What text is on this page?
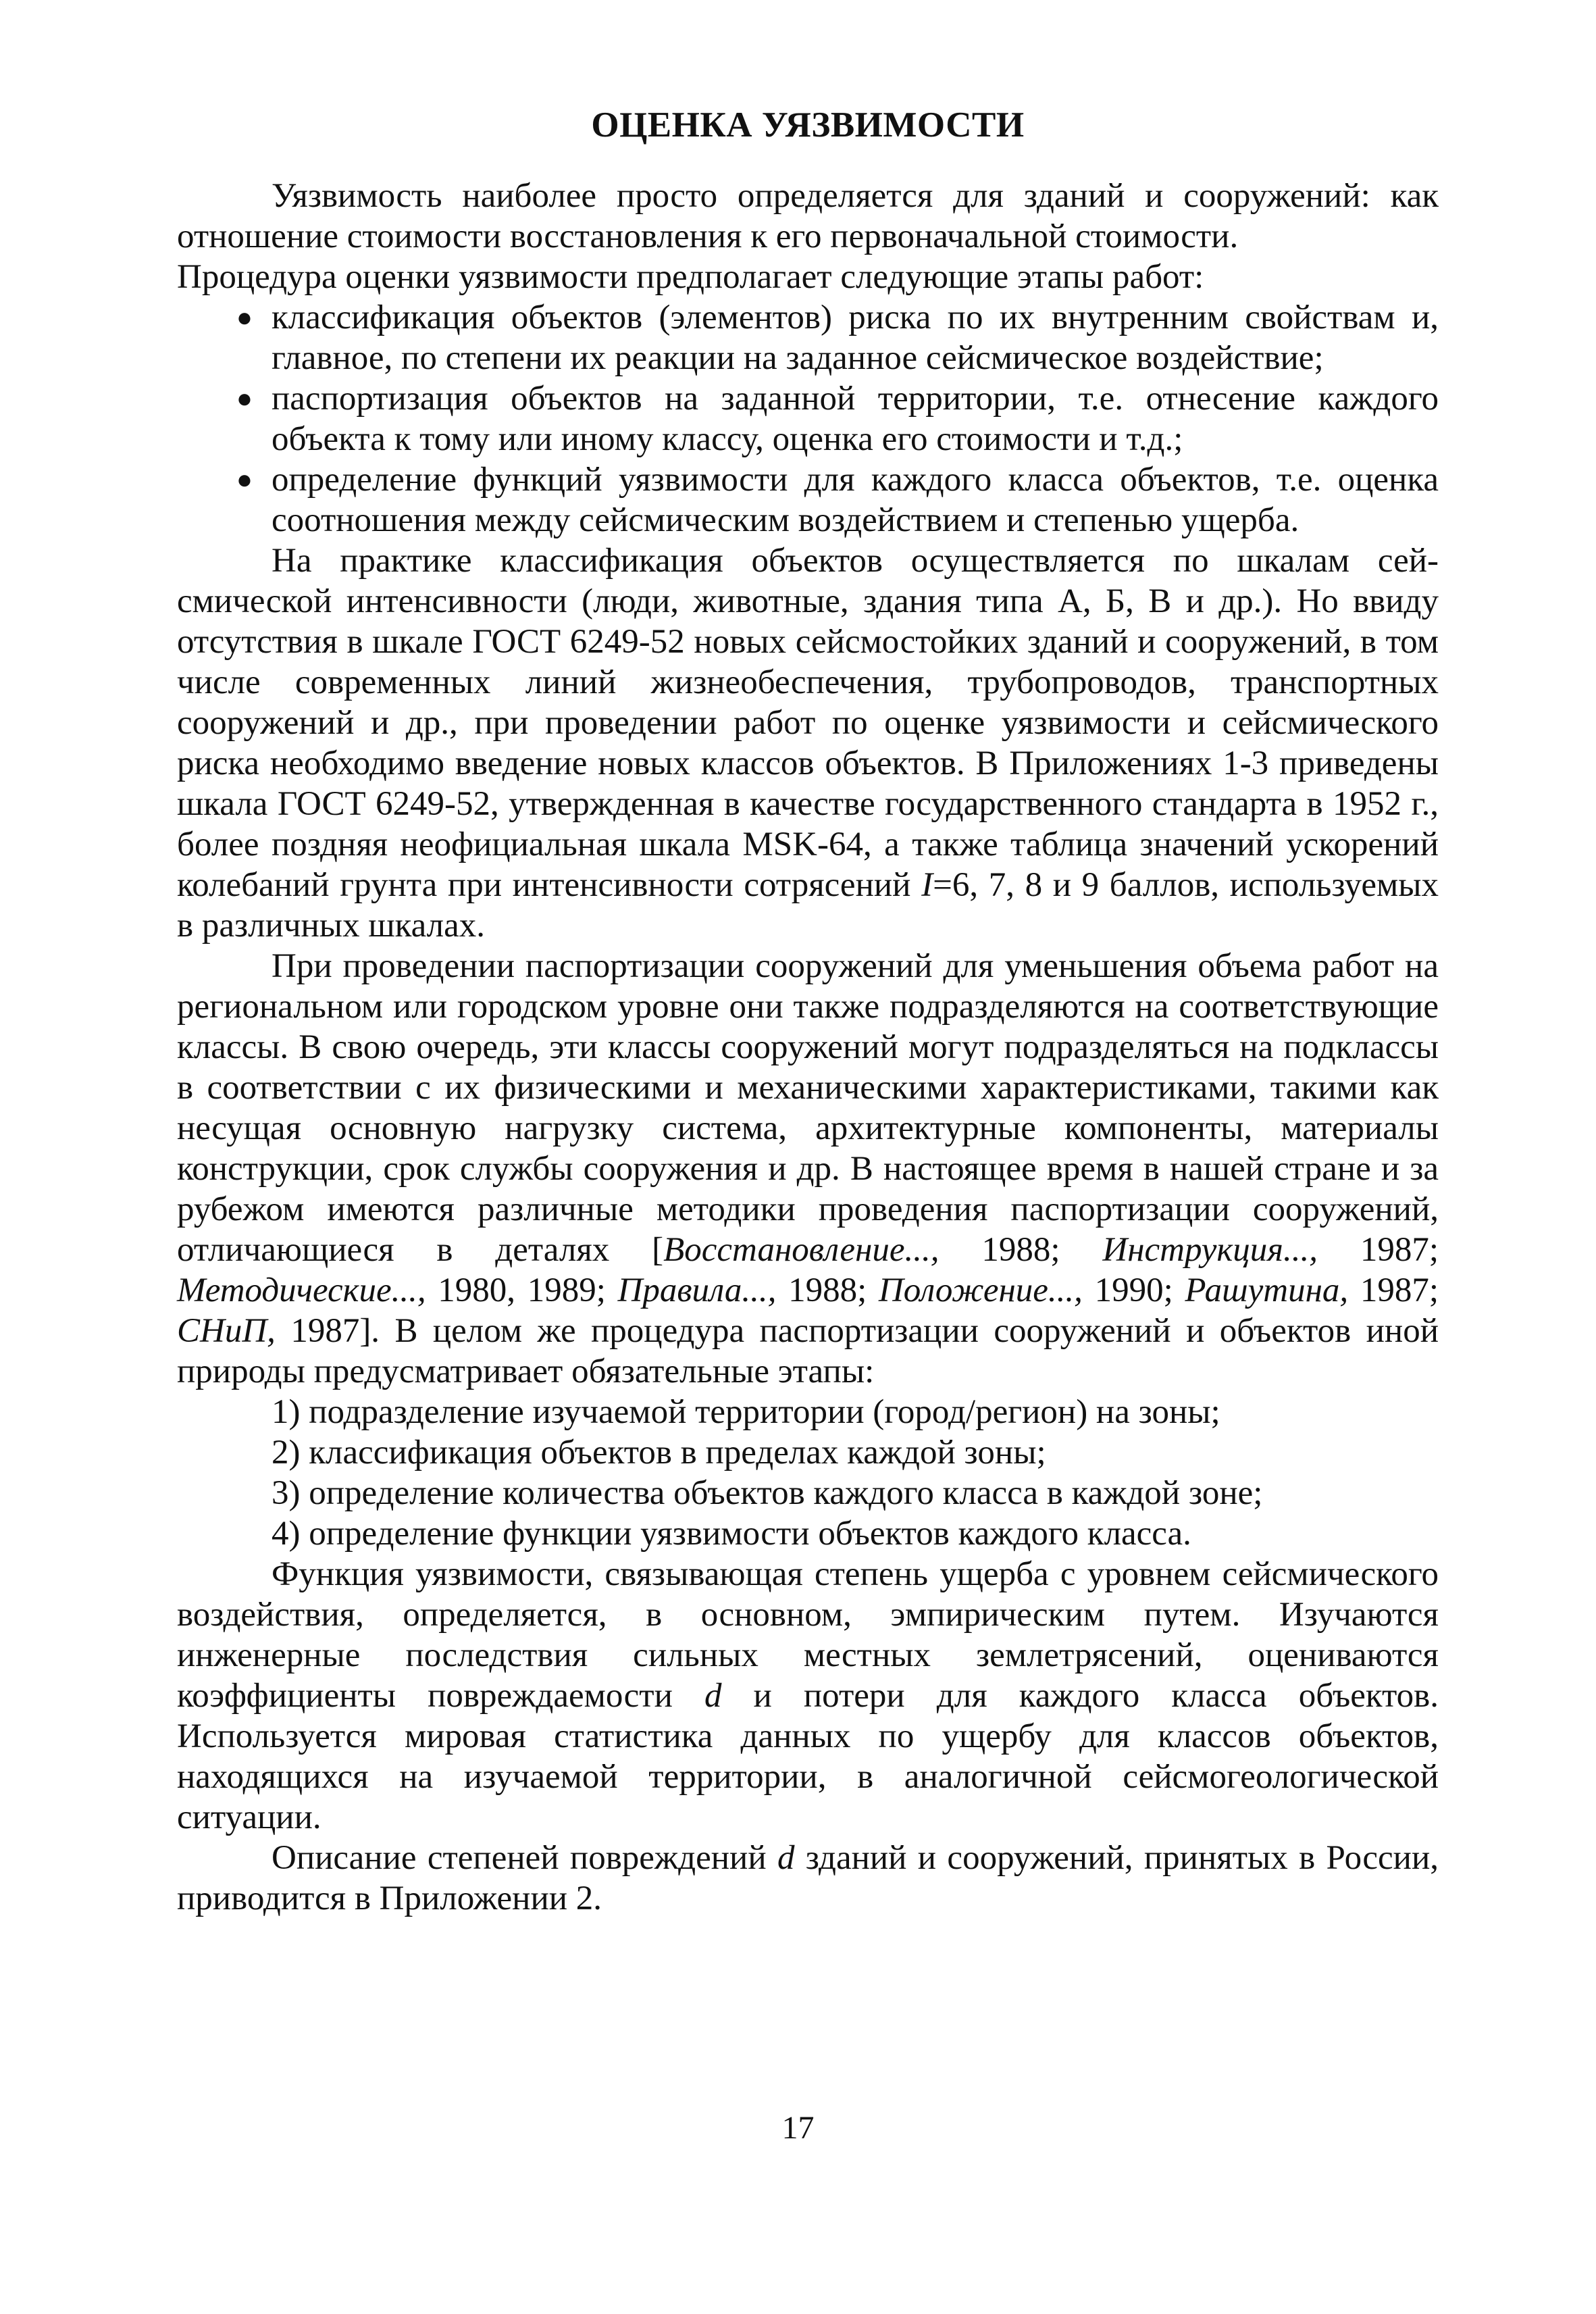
ОЦЕНКА УЯЗВИМОСТИ

Уязвимость наиболее просто определяется для зданий и сооружений: как отношение стоимости восстановления к его первоначальной стоимости.

Процедура оценки уязвимости предполагает следующие этапы работ:

● классификация объектов (элементов) риска по их внутренним свойствам и, главное, по степени их реакции на заданное сейсмическое воздействие;
● паспортизация объектов на заданной территории, т.е. отнесение каждого объекта к тому или иному классу, оценка его стоимости и т.д.;
● определение функций уязвимости для каждого класса объектов, т.е. оценка соотношения между сейсмическим воздействием и степенью ущерба.

На практике классификация объектов осуществляется по шкалам сейсмической интенсивности (люди, животные, здания типа А, Б, В и др.). Но ввиду отсутствия в шкале ГОСТ 6249-52 новых сейсмостойких зданий и сооружений, в том числе современных линий жизнеобеспечения, трубопроводов, транспортных сооружений и др., при проведении работ по оценке уязвимости и сейсмического риска необходимо введение новых классов объектов. В Приложениях 1-3 приведены шкала ГОСТ 6249-52, утвержденная в качестве государственного стандарта в 1952 г., более поздняя неофициальная шкала MSK-64, а также таблица значений ускорений колебаний грунта при интенсивности сотрясений I=6, 7, 8 и 9 баллов, используемых в различных шкалах.

При проведении паспортизации сооружений для уменьшения объема работ на региональном или городском уровне они также подразделяются на соответствующие классы. В свою очередь, эти классы сооружений могут подразделяться на подклассы в соответствии с их физическими и механическими характеристиками, такими как несущая основную нагрузку система, архитектурные компоненты, материалы конструкции, срок службы сооружения и др. В настоящее время в нашей стране и за рубежом имеются различные методики проведения паспортизации сооружений, отличающиеся в деталях [Восстановление..., 1988; Инструкция..., 1987; Методические..., 1980, 1989; Правила..., 1988; Положение..., 1990; Рашутина, 1987; СНиП, 1987]. В целом же процедура паспортизации сооружений и объектов иной природы предусматривает обязательные этапы:

1) подразделение изучаемой территории (город/регион) на зоны;
2) классификация объектов в пределах каждой зоны;
3) определение количества объектов каждого класса в каждой зоне;
4) определение функции уязвимости объектов каждого класса.

Функция уязвимости, связывающая степень ущерба с уровнем сейсмического воздействия, определяется, в основном, эмпирическим путем. Изучаются инженерные последствия сильных местных землетрясений, оцениваются коэффициенты повреждаемости d и потери для каждого класса объектов. Используется мировая статистика данных по ущербу для классов объектов, находящихся на изучаемой территории, в аналогичной сейсмогеологической ситуации.

Описание степеней повреждений d зданий и сооружений, принятых в России, приводится в Приложении 2.

17
